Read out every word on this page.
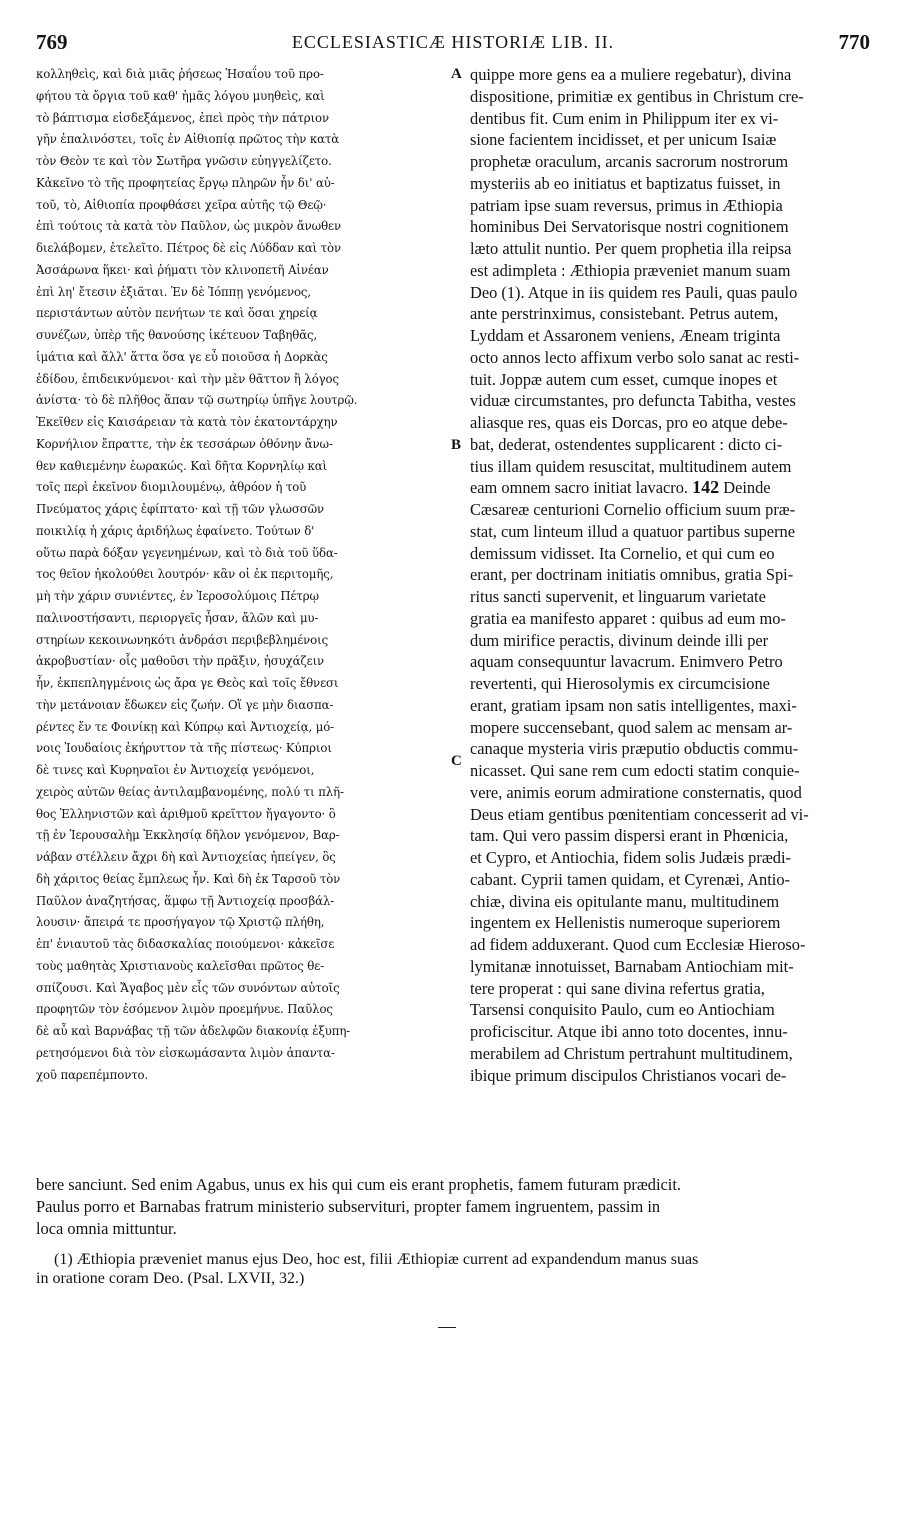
769	ECCLESIASTICÆ HISTORIÆ LIB. II.	770
κολληθεὶς, καὶ διὰ μιᾶς ῥήσεως Ἡσαΐου τοῦ προ-
φήτου τὰ ὄργια τοῦ καθ' ἡμᾶς λόγου μυηθεὶς, καὶ
τὸ βάπτισμα εἰσδεξάμενος, ἐπεὶ πρὸς τὴν πάτριον
γῆν ἐπαλινόστει, τοῖς ἐν Αἰθιοπίᾳ πρῶτος τὴν κατὰ
τὸν Θεὸν τε καὶ τὸν Σωτῆρα γνῶσιν εὐηγγελίζετο.
Κἀκεῖνο τὸ τῆς προφητείας ἔργῳ πληρῶν ἦν δι' αὐ-
τοῦ, τὸ, Αἰθιοπία προφθάσει χεῖρα αὐτῆς τῷ Θεῷ·
ἐπὶ τούτοις τὰ κατὰ τὸν Παῦλον, ὡς μικρὸν ἄνωθεν
διελάβομεν, ἐτελεῖτο. Πέτρος δὲ εἰς Λύδδαν καὶ τὸν
Ἀσσάρωνα ἥκει· καὶ ῥήματι τὸν κλινοπετῆ Αἰνέαν
ἐπὶ λη' ἔτεσιν ἐξιᾶται. Ἐν δὲ Ἰόππῃ γενόμενος,
περιστάντων αὐτὸν πενήτων τε καὶ ὅσαι χηρείᾳ
συνέζων, ὑπὲρ τῆς θανούσης ἱκέτευον Ταβηθᾶς,
ἱμάτια καὶ ἄλλ' ἅττα ὅσα γε εὖ ποιοῦσα ἡ Δορκὰς
ἐδίδου, ἐπιδεικνύμενοι· καὶ τὴν μὲν θᾶττον ἢ λόγος
ἀνίστα· τὸ δὲ πλῆθος ἅπαν τῷ σωτηρίῳ ὑπῆγε λουτρῷ.
Ἐκεῖθεν εἰς Καισάρειαν τὰ κατὰ τὸν ἑκατοντάρχην
Κορνήλιον ἔπραττε, τὴν ἐκ τεσσάρων ὀθόνην ἄνω-
θεν καθιεμένην ἑωρακώς. Καὶ δῆτα Κορνηλίῳ καὶ
τοῖς περὶ ἐκεῖνον διομιλουμένῳ, ἀθρόον ἡ τοῦ
Πνεύματος χάρις ἐφίπτατο· καὶ τῇ τῶν γλωσσῶν
ποικιλίᾳ ἡ χάρις ἀριδήλως ἐφαίνετο. Τούτων δ'
οὕτω παρὰ δόξαν γεγενημένων, καὶ τὸ διὰ τοῦ ὕδα-
τος θεῖον ἠκολούθει λουτρόν· κἂν οἱ ἐκ περιτομῆς,
μὴ τὴν χάριν συνιέντες, ἐν Ἱεροσολύμοις Πέτρῳ
παλινοστήσαντι, περιοργεῖς ἦσαν, ἄλῶν καὶ μυ-
στηρίων κεκοινωνηκότι ἀνδράσι περιβεβλημένοις
ἀκροβυστίαν· οἷς μαθοῦσι τὴν πρᾶξιν, ἡσυχάζειν
ἦν, ἐκπεπληγμένοις ὡς ἄρα γε Θεὸς καὶ τοῖς ἔθνεσι
τὴν μετάνοιαν ἔδωκεν εἰς ζωήν. Οἵ γε μὴν διασπα-
ρέντες ἔν τε Φοινίκῃ καὶ Κύπρῳ καὶ Ἀντιοχείᾳ, μό-
νοις Ἰουδαίοις ἐκήρυττον τὰ τῆς πίστεως· Κύπριοι
δὲ τινες καὶ Κυρηναῖοι ἐν Ἀντιοχείᾳ γενόμενοι,
χειρὸς αὐτῶν θείας ἀντιλαμβανομένης, πολύ τι πλῆ-
θος Ἑλληνιστῶν καὶ ἀριθμοῦ κρεῖττον ἤγαγοντο· ὃ
τῇ ἐν Ἱερουσαλὴμ Ἐκκλησίᾳ δῆλον γενόμενον, Βαρ-
νάβαν στέλλειν ἄχρι δὴ καὶ Ἀντιοχείας ἠπείγεν, ὃς
δὴ χάριτος θείας ἔμπλεως ἦν. Καὶ δὴ ἐκ Ταρσοῦ τὸν
Παῦλον ἀναζητήσας, ἅμφω τῇ Ἀντιοχείᾳ προσβάλ-
λουσιν· ἄπειρά τε προσήγαγον τῷ Χριστῷ πλήθη,
ἐπ' ἐνιαυτοῦ τὰς διδασκαλίας ποιούμενοι· κἀκεῖσε
τοὺς μαθητὰς Χριστιανοὺς καλεῖσθαι πρῶτος θε-
σπίζουσι. Καὶ Ἄγαβος μὲν εἷς τῶν συνόντων αὐτοῖς
προφητῶν τὸν ἐσόμενον λιμὸν προεμήνυε. Παῦλος
δὲ αὖ καὶ Βαρνάβας τῇ τῶν ἀδελφῶν διακονίᾳ ἐξυπη-
ρετησόμενοι διὰ τὸν εἰσκωμάσαντα λιμὸν ἁπαντα-
χοῦ παρεπέμποντο.
quippe more gens ea a muliere regebatur), divina
dispositione, primitiæ ex gentibus in Christum cre-
dentibus fit. Cum enim in Philippum iter ex vi-
sione facientem incidisset, et per unicum Isaiæ
prophetæ oraculum, arcanis sacrorum nostrorum
mysteriis ab eo initiatus et baptizatus fuisset, in
patriam ipse suam reversus, primus in Æthiopia
hominibus Dei Servatorisque nostri cognitionem
læto attulit nuntio. Per quem prophetia illa reipsa
est adimpleta : Æthiopia præveniet manum suam
Deo (1). Atque in iis quidem res Pauli, quas paulo
ante perstrinximus, consistebant. Petrus autem,
Lyddam et Assaronem veniens, Æneam triginta
octo annos lecto affixum verbo solo sanat ac resti-
tuit. Joppæ autem cum esset, cumque inopes et
viduæ circumstantes, pro defuncta Tabitha, vestes
aliasque res, quas eis Dorcas, pro eo atque debe-
bat, dederat, ostendentes supplicarent : dicto ci-
tius illam quidem resuscitat, multitudinem autem
eam omnem sacro initiat lavacro. 142 Deinde
Cæsareæ centurioni Cornelio officium suum præ-
stat, cum linteum illud a quatuor partibus superne
demissum vidisset. Ita Cornelio, et qui cum eo
erant, per doctrinam initiatis omnibus, gratia Spi-
ritus sancti supervenit, et linguarum varietate
gratia ea manifesto apparet : quibus ad eum mo-
dum mirifice peractis, divinum deinde illi per
aquam consequuntur lavacrum. Enimvero Petro
revertenti, qui Hierosolymis ex circumcisione
erant, gratiam ipsam non satis intelligentes, maxi-
mopere succensebant, quod salem ac mensam ar-
canaque mysteria viris præputio obductis commu-
nicasset. Qui sane rem cum edocti statim conquie-
vere, animis eorum admiratione consternatis, quod
Deus etiam gentibus pœnitentiam concesserit ad vi-
tam. Qui vero passim dispersi erant in Phœnicia,
et Cypro, et Antiochia, fidem solis Judæis prædi-
cabant. Cyprii tamen quidam, et Cyrenæi, Antio-
chiæ, divina eis opitulante manu, multitudinem
ingentem ex Hellenistis numeroque superiorem
ad fidem adduxerant. Quod cum Ecclesiæ Hieroso-
lymitanæ innotuisset, Barnabam Antiochiam mit-
tere properat : qui sane divina refertus gratia,
Tarsensi conquisito Paulo, cum eo Antiochiam
proficiscitur. Atque ibi anno toto docentes, innu-
merabilem ad Christum pertrahunt multitudinem,
ibique primum discipulos Christianos vocari de-
A
B
C
bere sanciunt. Sed enim Agabus, unus ex his qui cum eis erant prophetis, famem futuram prædicit.
Paulus porro et Barnabas fratrum ministerio subserviturі, propter famem ingruentem, passim in
loca omnia mittuntur.
(1) Æthiopia præveniet manus ejus Deo, hoc est, filii Æthiopiæ current ad expandendum manus suas
in oratione coram Deo. (Psal. LXVII, 32.)
